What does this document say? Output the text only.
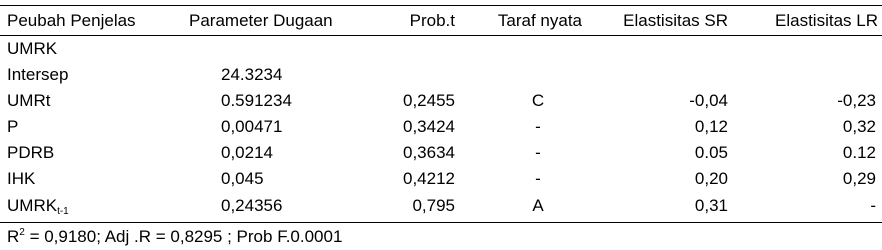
Peubah Penjelas	Parameter Dugaan	Prob.t	Taraf nyata	Elastisitas SR	Elastisitas LR
UMRK
Intersep	24.3234
UMRt	0.591234	0,2455	C	-0,04	-0,23
P	0,00471	0,3424	-	0,12	0,32
PDRB	0,0214	0,3634	-	0.05	0.12
IHK	0,045	0,4212	-	0,20	0,29
$UMRK_{t-1}$	0,24356	0,795	A	0,31	-
$R^2 = 0,9180$; Adj .R = 0,8295 ; Prob F.0.0001
